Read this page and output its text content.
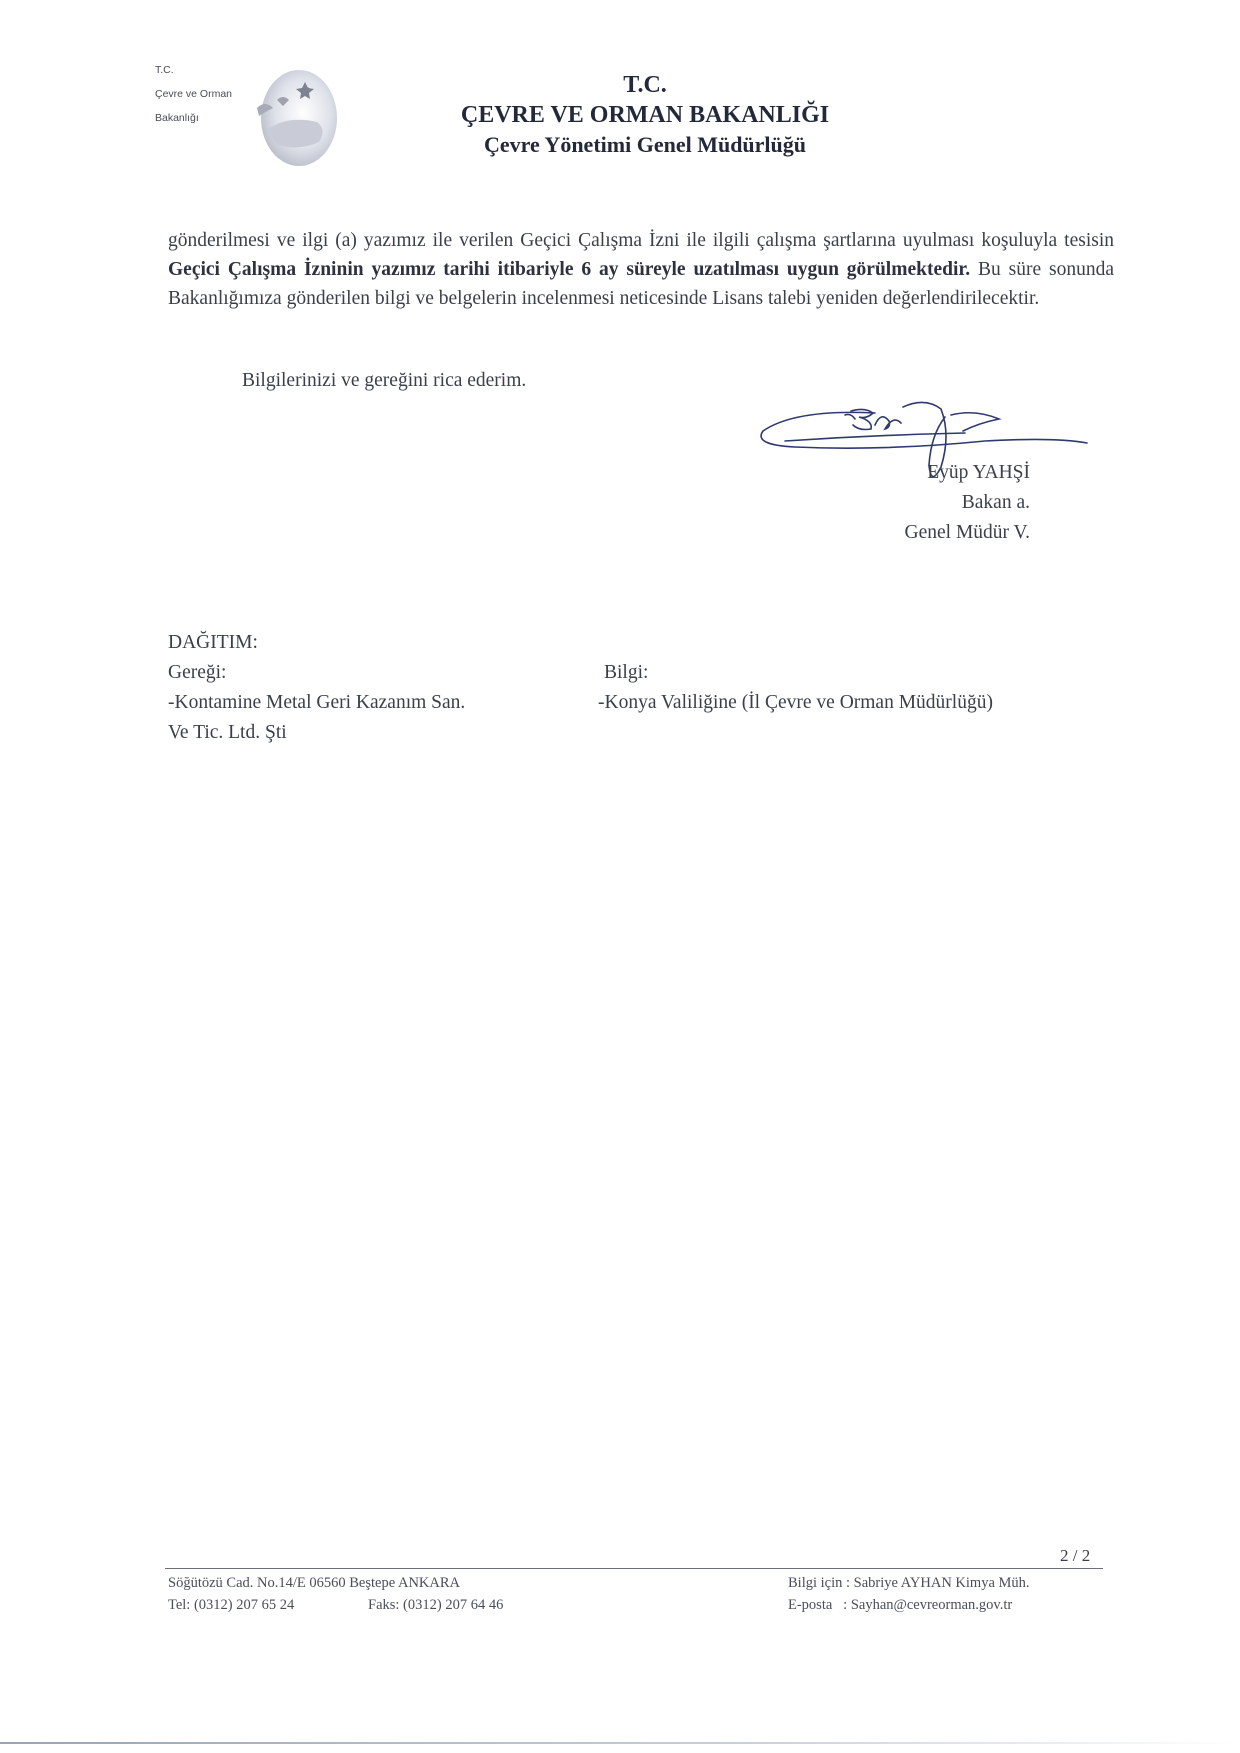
T.C.

Çevre ve Orman

Bakanlığı

T.C.
ÇEVRE VE ORMAN BAKANLIĞI
Çevre Yönetimi Genel Müdürlüğü
gönderilmesi ve ilgi (a) yazımız ile verilen Geçici Çalışma İzni ile ilgili çalışma şartlarına uyulması koşuluyla tesisin Geçici Çalışma İzninin yazımız tarihi itibariyle 6 ay süreyle uzatılması uygun görülmektedir. Bu süre sonunda Bakanlığımıza gönderilen bilgi ve belgelerin incelenmesi neticesinde Lisans talebi yeniden değerlendirilecektir.
Bilgilerinizi ve gereğini rica ederim.
Eyüp YAHŞİ
Bakan a.
Genel Müdür V.
DAĞITIM:
Gereği:
-Kontamine Metal Geri Kazanım San.
Ve Tic. Ltd. Şti
Bilgi:
-Konya Valiliğine (İl Çevre ve Orman Müdürlüğü)
2 / 2
Söğütözü Cad. No.14/E 06560 Beştepe ANKARA
Tel: (0312) 207 65 24	Faks: (0312) 207 64 46
Bilgi için : Sabriye AYHAN Kimya Müh.
E-posta   : Sayhan@cevreorman.gov.tr
